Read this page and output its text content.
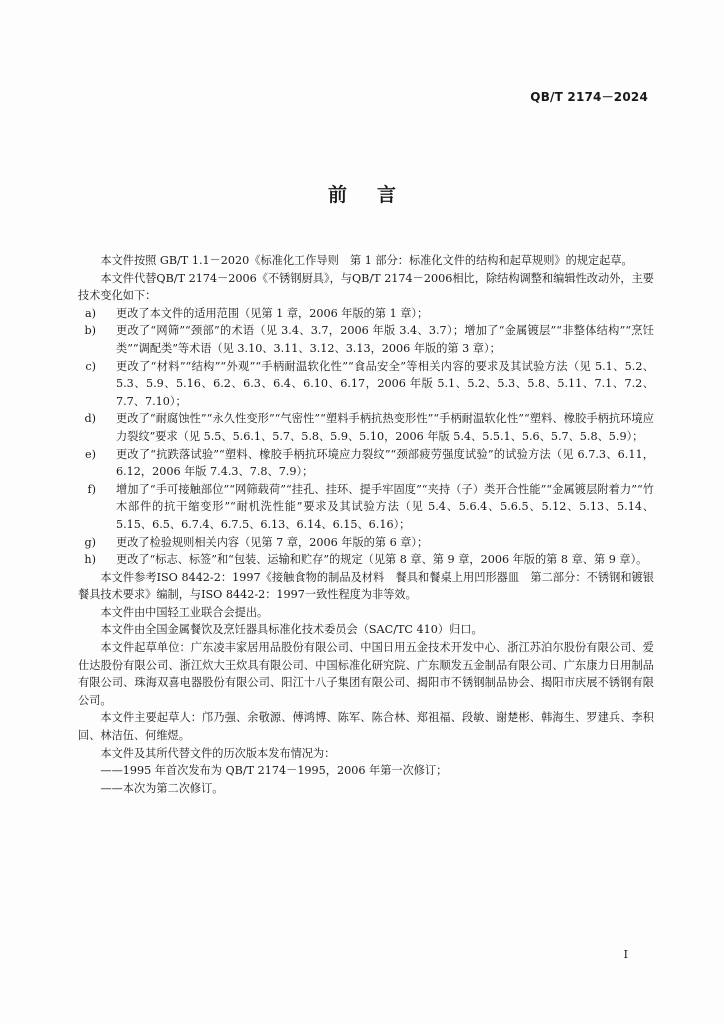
QB/T 2174－2024
前 言

本文件按照 GB/T 1.1－2020《标准化工作导则　第 1 部分：标准化文件的结构和起草规则》的规定起草。

本文件代替QB/T 2174－2006《不锈钢厨具》，与QB/T 2174－2006相比，除结构调整和编辑性改动外，主要技术变化如下：

a) 更改了本文件的适用范围（见第 1 章，2006 年版的第 1 章）；

b) 更改了“网筛”“颈部”的术语（见 3.4、3.7，2006 年版 3.4、3.7）；增加了“金属镀层”“非整体结构”“烹饪类”“调配类”等术语（见 3.10、3.11、3.12、3.13，2006 年版的第 3 章）；

c) 更改了“材料”“结构”“外观”“手柄耐温软化性”“食品安全”等相关内容的要求及其试验方法（见 5.1、5.2、5.3、5.9、5.16、6.2、6.3、6.4、6.10、6.17，2006 年版 5.1、5.2、5.3、5.8、5.11、7.1、7.2、7.7、7.10）；

d) 更改了“耐腐蚀性”“永久性变形”“气密性”“塑料手柄抗热变形性”“手柄耐温软化性”“塑料、橡胶手柄抗环境应力裂纹”要求（见 5.5、5.6.1、5.7、5.8、5.9、5.10，2006 年版 5.4、5.5.1、5.6、5.7、5.8、5.9）；

e) 更改了“抗跌落试验”“塑料、橡胶手柄抗环境应力裂纹”“颈部疲劳强度试验”的试验方法（见 6.7.3、6.11，6.12，2006 年版 7.4.3、7.8、7.9）；

f) 增加了“手可接触部位”“网筛载荷”“挂孔、挂环、提手牢固度”“夹持（子）类开合性能”“金属镀层附着力”“竹木部件的抗干缩变形”“耐机洗性能”要求及其试验方法（见 5.4、5.6.4、5.6.5、5.12、5.13、5.14、5.15、6.5、6.7.4、6.7.5、6.13、6.14、6.15、6.16）；

g) 更改了检验规则相关内容（见第 7 章，2006 年版的第 6 章）；

h) 更改了“标志、标签”和“包装、运输和贮存”的规定（见第 8 章、第 9 章，2006 年版的第 8 章、第 9 章）。

本文件参考ISO 8442-2：1997《接触食物的制品及材料　餐具和餐桌上用凹形器皿　第二部分：不锈钢和镀银餐具技术要求》编制，与ISO 8442-2：1997一致性程度为非等效。

本文件由中国轻工业联合会提出。

本文件由全国金属餐饮及烹饪器具标准化技术委员会（SAC/TC 410）归口。

本文件起草单位：广东凌丰家居用品股份有限公司、中国日用五金技术开发中心、浙江苏泊尔股份有限公司、爱仕达股份有限公司、浙江炊大王炊具有限公司、中国标准化研究院、广东顺发五金制品有限公司、广东康力日用制品有限公司、珠海双喜电器股份有限公司、阳江十八子集团有限公司、揭阳市不锈钢制品协会、揭阳市庆展不锈钢有限公司。

本文件主要起草人：邝乃强、余敬源、傅鸿博、陈军、陈合林、郑祖福、段敏、谢楚彬、韩海生、罗建兵、李积回、林洁伍、何维煜。

本文件及其所代替文件的历次版本发布情况为：

——1995 年首次发布为 QB/T 2174－1995，2006 年第一次修订；

——本次为第二次修订。

I
